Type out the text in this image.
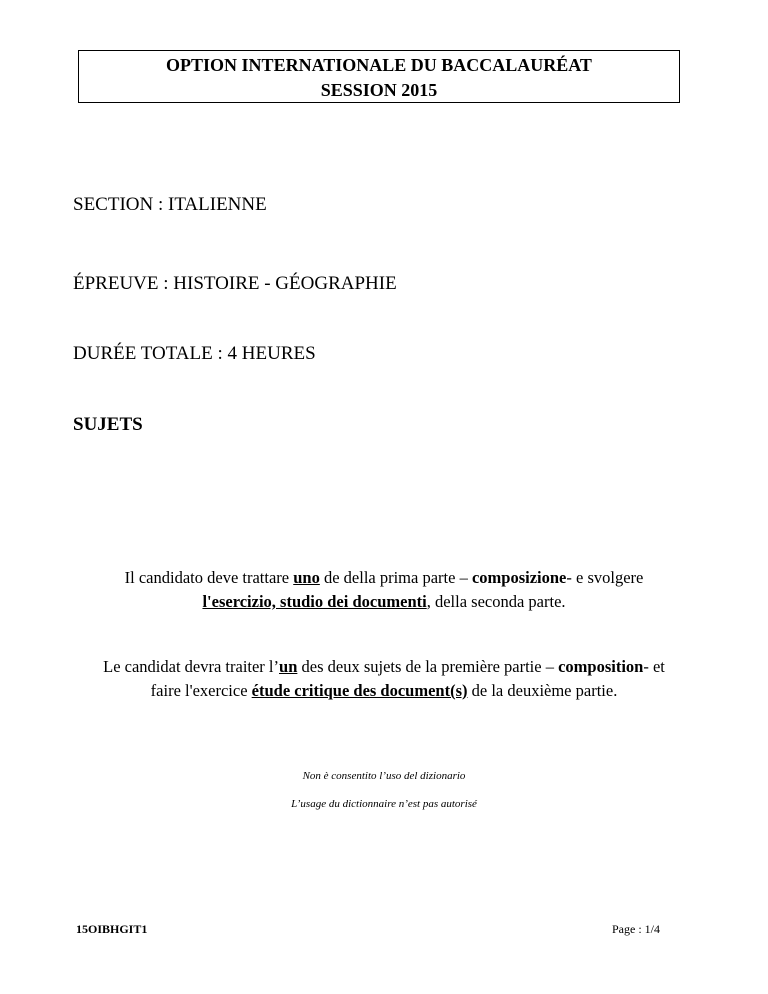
OPTION INTERNATIONALE DU BACCALAURÉAT
SESSION 2015
SECTION : ITALIENNE
ÉPREUVE : HISTOIRE - GÉOGRAPHIE
DURÉE TOTALE : 4 HEURES
SUJETS
Il candidato deve trattare uno de della prima parte – composizione- e svolgere
l'esercizio, studio dei documenti, della seconda parte.
Le candidat devra traiter l’un des deux sujets de la première partie – composition- et
faire l'exercice étude critique des document(s) de la deuxième partie.
Non è consentito l’uso del dizionario
L’usage du dictionnaire n’est pas autorisé
15OIBHGIT1	Page : 1/4
